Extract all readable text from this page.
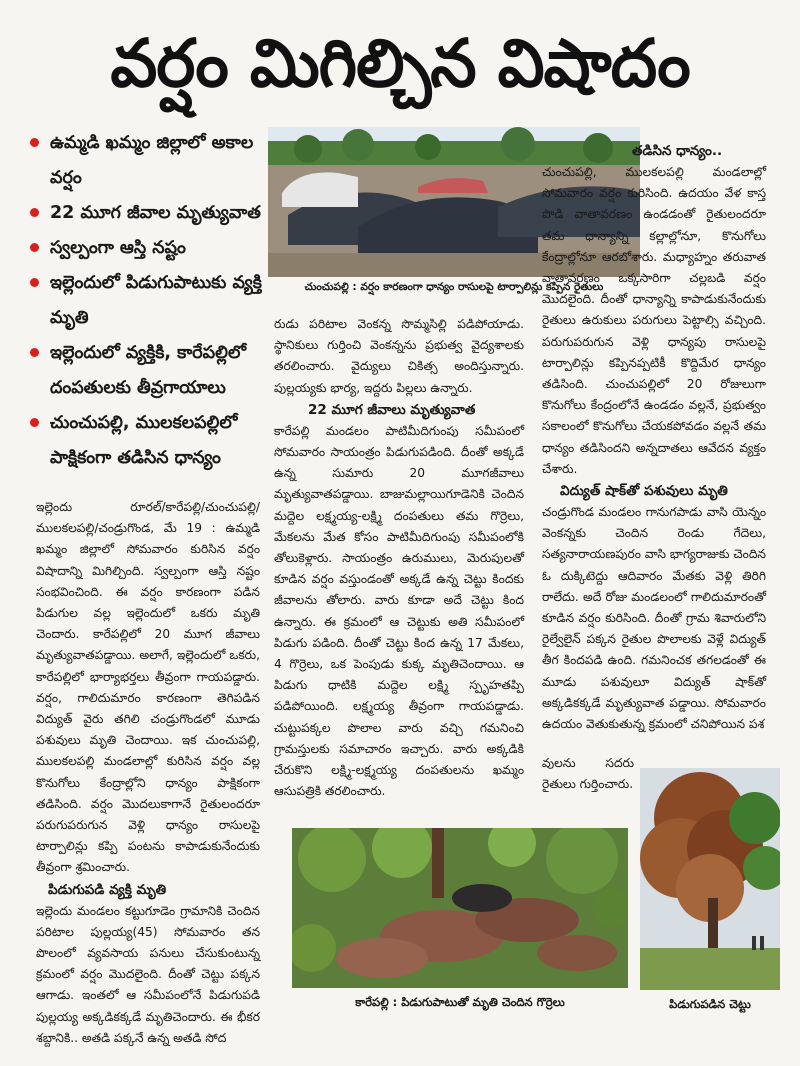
వర్షం మిగిల్చిన విషాదం
ఉమ్మడి ఖమ్మం జిల్లాలో అకాల వర్షం
22 మూగ జీవాల మృత్యువాత
స్వల్పంగా ఆస్తి నష్టం
ఇల్లెందులో పిడుగుపాటుకు వ్యక్తి మృతి
ఇల్లెందులో వ్యక్తికి, కారేపల్లిలో దంపతులకు తీవ్రగాయాలు
చుంచుపల్లి, ములకలపల్లిలో పాక్షికంగా తడిసిన ధాన్యం

ఇల్లెందు రూరల్/కారేపల్లి/చుంచుపల్లి/ములకలపల్లి/చండ్రుగొండ, మే 19 : ఉమ్మడి ఖమ్మం జిల్లాలో సోమవారం కురిసిన వర్షం విషాదాన్ని మిగిల్చింది. స్వల్పంగా ఆస్తి నష్టం సంభవించింది. ఈ వర్షం కారణంగా పడిన పిడుగుల వల్ల ఇల్లెందులో ఒకరు మృతి చెందారు. కారేపల్లిలో 20 మూగ జీవాలు మృత్యువాతపడ్డాయి. అలాగే, ఇల్లెందులో ఒకరు, కారేపల్లిలో భార్యాభర్తలు తీవ్రంగా గాయపడ్డారు. వర్షం, గాలిదుమారం కారణంగా తెగిపడిన విద్యుత్ వైరు తగిలి చండ్రుగొండలో మూడు పశువులు మృతి చెందాయి. ఇక చుంచుపల్లి, ములకలపల్లి మండలాల్లో కురిసిన వర్షం వల్ల కొనుగోలు కేంద్రాల్లోని ధాన్యం పాక్షికంగా తడిసింది. వర్షం మొదలుకాగానే రైతులందరూ పరుగుపరుగున వెళ్లి ధాన్యం రాసులపై టార్పాలిన్లు కప్పి పంటను కాపాడుకునేందుకు తీవ్రంగా శ్రమించారు.

పిడుగుపడి వ్యక్తి మృతి

ఇల్లెందు మండలం కట్టుగూడెం గ్రామానికి చెందిన పరిటాల పుల్లయ్య(45) సోమవారం తన పొలంలో వ్యవసాయ పనులు చేసుకుంటున్న క్రమంలో వర్షం మొదలైంది. దీంతో చెట్టు పక్కన ఆగాడు. ఇంతలో ఆ సమీపంలోనే పిడుగుపడి పుల్లయ్య అక్కడికక్కడే మృతిచెందారు. ఈ భీకర శబ్దానికి.. అతడి పక్కనే ఉన్న అతడి సోద

చుంచుపల్లి : వర్షం కారణంగా ధాన్యం రాసులపై టార్పాలిన్లు కప్పిన రైతులు

రుడు పరిటాల వెంకన్న సొమ్మసిల్లి పడిపోయాడు. స్థానికులు గుర్తించి వెంకన్నను ప్రభుత్వ వైద్యశాలకు తరలించారు. వైద్యులు చికిత్స అందిస్తున్నారు. పుల్లయ్యకు భార్య, ఇద్దరు పిల్లలు ఉన్నారు.

22 మూగ జీవాలు మృత్యువాత

కారేపల్లి మండలం పాటిమీదిగుంపు సమీపంలో సోమవారం సాయంత్రం పిడుగుపడింది. దీంతో అక్కడే ఉన్న సుమారు 20 మూగజీవాలు మృత్యువాతపడ్డాయి. బాజుమల్లాయిగూడెనికి చెందిన మద్దెల లక్ష్మయ్య-లక్ష్మి దంపతులు తమ గొర్రెలు, మేకలను మేత కోసం పాటిమీదిగుంపు సమీపంలోకి తోలుకెళ్లారు. సాయంత్రం ఉరుములు, మెరుపులతో కూడిన వర్షం వస్తుండంతో అక్కడే ఉన్న చెట్టు కిందకు జీవాలను తోలారు. వారు కూడా అదే చెట్టు కింద ఉన్నారు. ఈ క్రమంలో ఆ చెట్టుకు అతి సమీపంలో పిడుగు పడింది. దీంతో చెట్టు కింద ఉన్న 17 మేకలు, 4 గొర్రెలు, ఒక పెంపుడు కుక్క మృతిచెందాయి. ఆ పిడుగు ధాటికి మద్దెల లక్ష్మి స్పృహతప్పి పడిపోయింది. లక్ష్మయ్య తీవ్రంగా గాయపడ్డాడు. చుట్టుపక్కల పొలాల వారు వచ్చి గమనించి గ్రామస్తులకు సమాచారం ఇచ్చారు. వారు అక్కడికి చేరుకొని లక్ష్మి-లక్ష్మయ్య దంపతులను ఖమ్మం ఆసుపత్రికి తరలించారు.

తడిసిన ధాన్యం..

చుంచుపల్లి, ములకలపల్లి మండలాల్లో సోమవారం వర్షం కురిసింది. ఉదయం వేళ కాస్త పొడి వాతావరణం ఉండడంతో రైతులందరూ తమ ధాన్యాన్ని కల్లాల్లోనూ, కొనుగోలు కేంద్రాల్లోనూ ఆరబోశారు. మధ్యాహ్నం తరువాత వాతావరణం ఒక్కసారిగా చల్లబడి వర్షం మొదలైంది. దీంతో ధాన్యాన్ని కాపాడుకునేందుకు రైతులు ఉరుకులు పరుగులు పెట్టాల్సి వచ్చింది. పరుగుపరుగున వెళ్లి ధాన్యపు రాసులపై టార్పాలిన్లు కప్పినప్పటికీ కొద్దిమేర ధాన్యం తడిసింది. చుంచుపల్లిలో 20 రోజులుగా కొనుగోలు కేంద్రంలోనే ఉండడం వల్లనే, ప్రభుత్వం సకాలంలో కొనుగోలు చేయకపోవడం వల్లనే తమ ధాన్యం తడిసిందని అన్నదాతలు ఆవేదన వ్యక్తం చేశారు.

విద్యుత్ షాక్‌తో పశువులు మృతి

చండ్రుగొండ మండలం గానుగపాడు వాసి యెన్నం వెంకన్నకు చెందిన రెండు గేదెలు, సత్యనారాయణపురం వాసి భాగ్యరాజుకు చెందిన ఓ దుక్కిటెద్దు ఆదివారం మేతకు వెళ్లి తిరిగి రాలేదు. అదే రోజు మండలంలో గాలిదుమారంతో కూడిన వర్షం కురిసింది. దీంతో గ్రామ శివారులోని రైల్వేలైన్ పక్కన రైతుల పొలాలకు వెళ్లే విద్యుత్ తీగ కిందపడి ఉంది. గమనించక తగలడంతో ఈ మూడు పశువులూ విద్యుత్ షాక్‌తో అక్కడికక్కడే మృత్యువాత పడ్డాయి. సోమవారం ఉదయం వెతుకుతున్న క్రమంలో చనిపోయిన పశ

వులను సదరు రైతులు గుర్తించారు.

పిడుగుపడిన చెట్టు
కారేపల్లి : పిడుగుపాటుతో మృతి చెందిన గొర్రెలు
